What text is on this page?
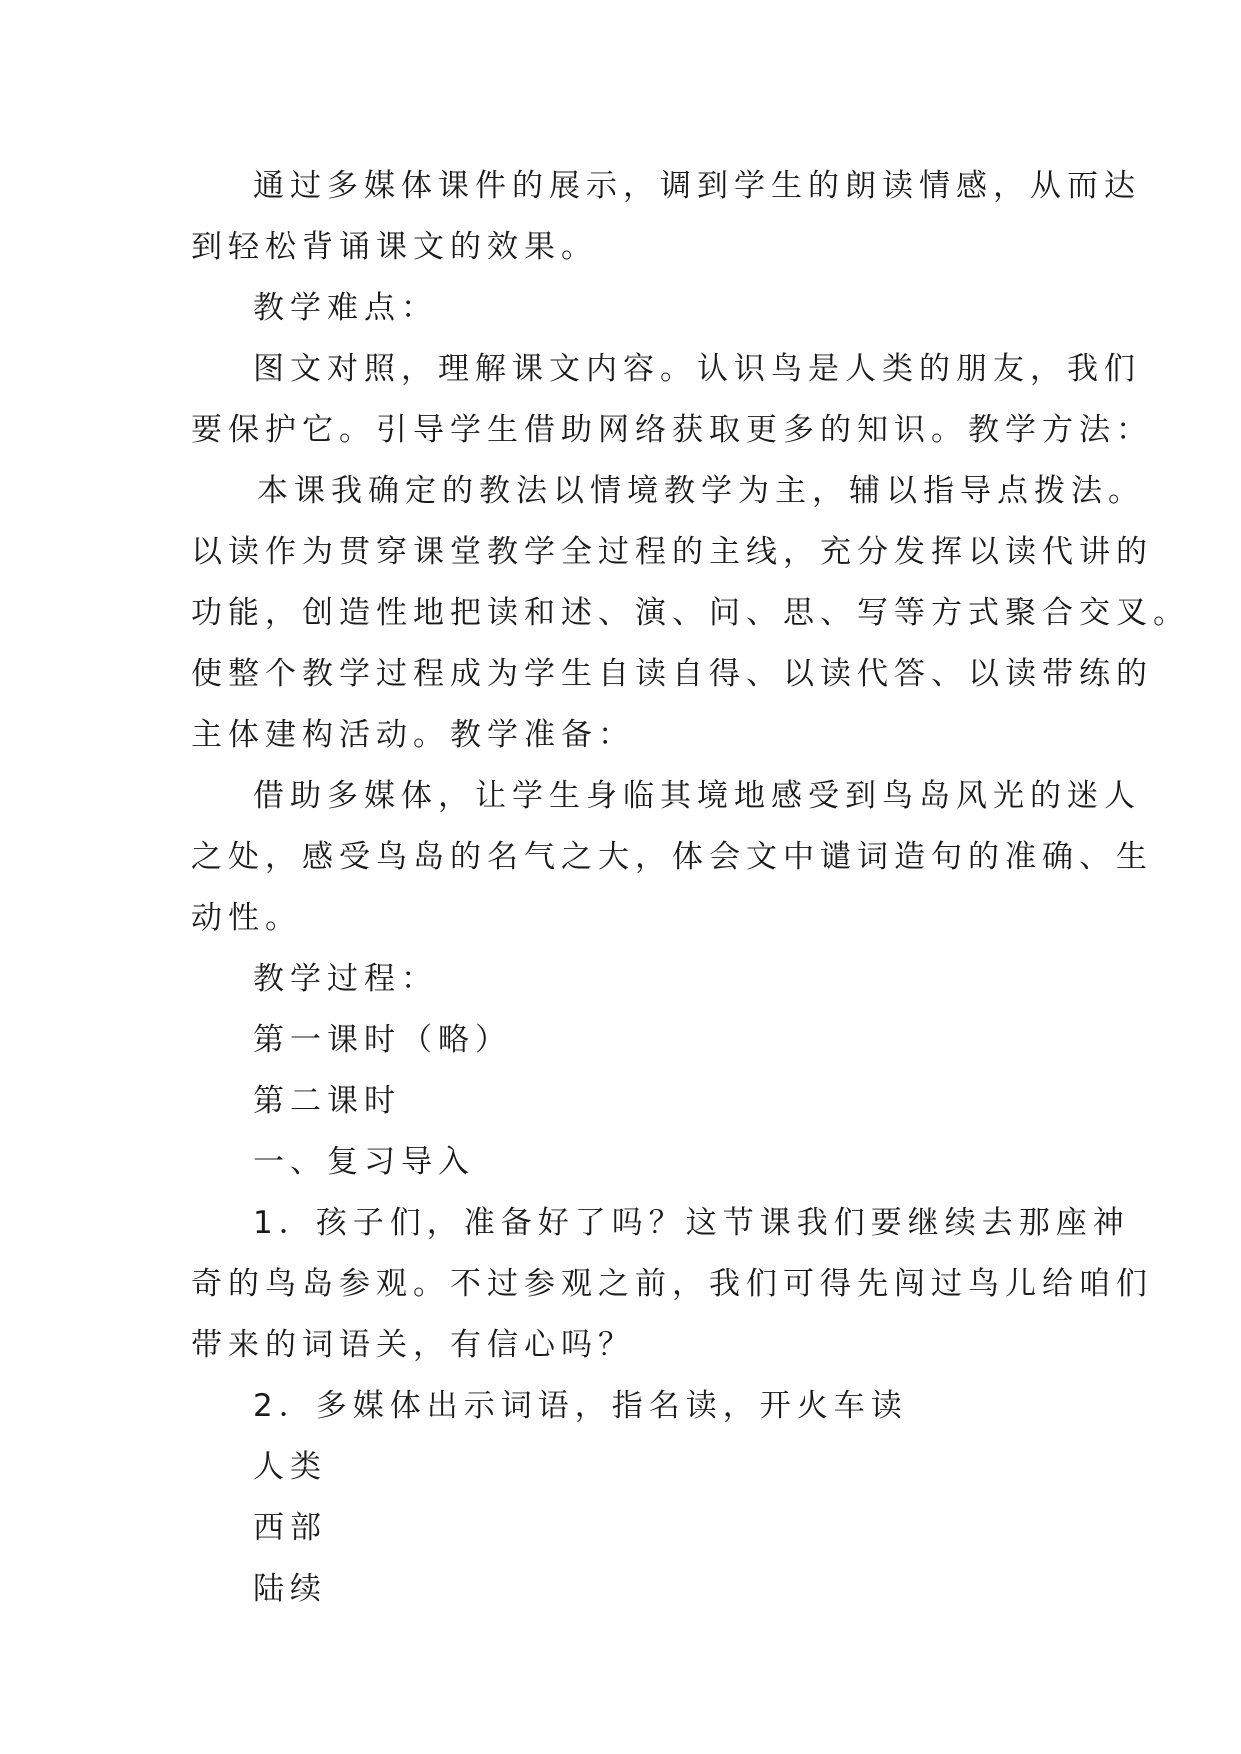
通过多媒体课件的展示，调到学生的朗读情感，从而达
到轻松背诵课文的效果。

教学难点：

图文对照，理解课文内容。认识鸟是人类的朋友，我们
要保护它。引导学生借助网络获取更多的知识。教学方法：

本课我确定的教法以情境教学为主，辅以指导点拨法。
以读作为贯穿课堂教学全过程的主线，充分发挥以读代讲的
功能，创造性地把读和述、演、问、思、写等方式聚合交叉。
使整个教学过程成为学生自读自得、以读代答、以读带练的
主体建构活动。教学准备：

借助多媒体，让学生身临其境地感受到鸟岛风光的迷人
之处，感受鸟岛的名气之大，体会文中谴词造句的准确、生
动性。

教学过程：

第一课时（略）

第二课时

一、复习导入

1．孩子们，准备好了吗？这节课我们要继续去那座神
奇的鸟岛参观。不过参观之前，我们可得先闯过鸟儿给咱们
带来的词语关，有信心吗？

2．多媒体出示词语，指名读，开火车读

人类

西部

陆续
